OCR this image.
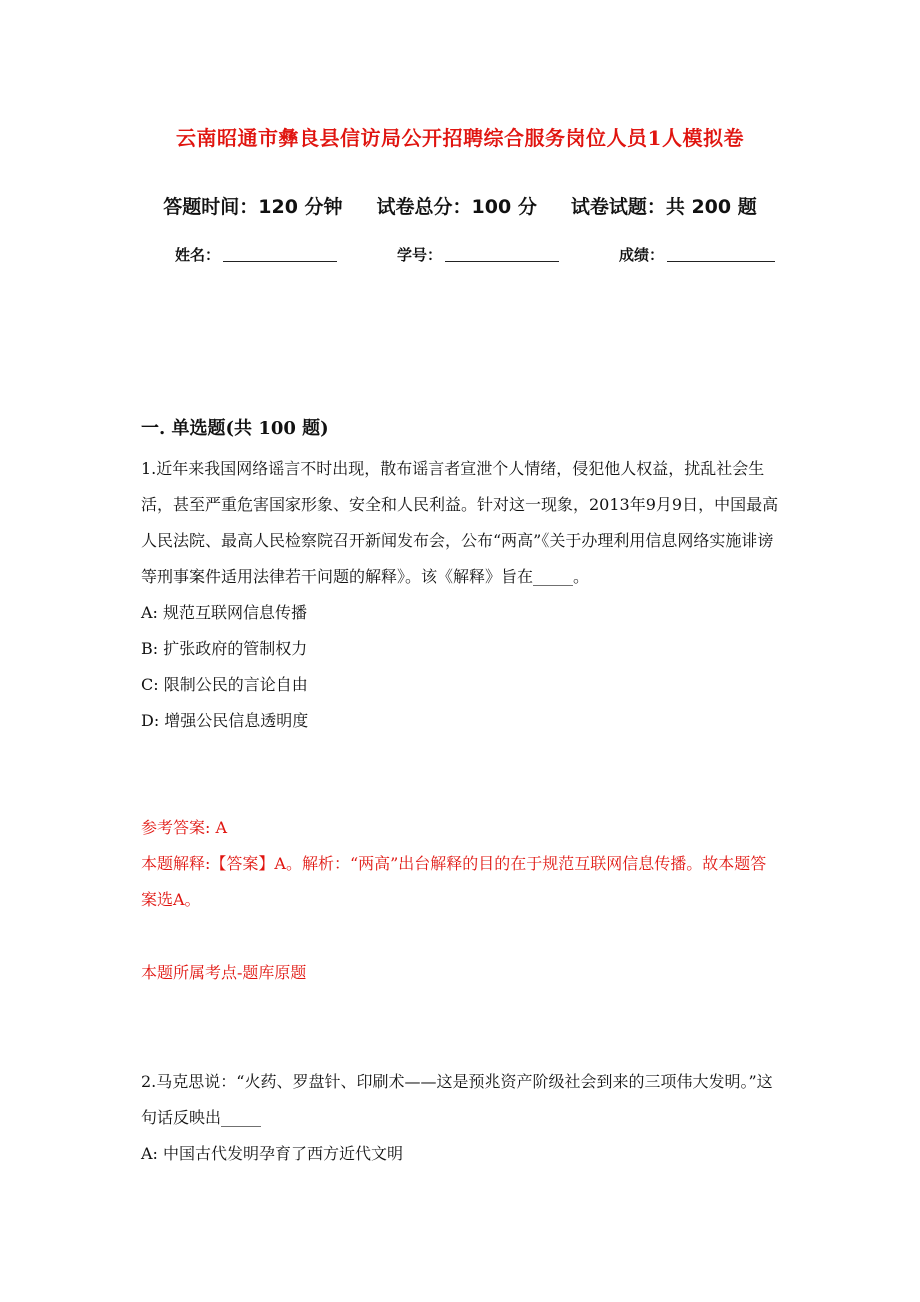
云南昭通市彝良县信访局公开招聘综合服务岗位人员1人模拟卷
答题时间：120 分钟 试卷总分：100 分 试卷试题：共 200 题
姓名：	学号：	成绩：
一. 单选题(共 100 题)

1.近年来我国网络谣言不时出现，散布谣言者宣泄个人情绪，侵犯他人权益，扰乱社会生活，甚至严重危害国家形象、安全和人民利益。针对这一现象，2013年9月9日，中国最高人民法院、最高人民检察院召开新闻发布会，公布“两高”《关于办理利用信息网络实施诽谤等刑事案件适用法律若干问题的解释》。该《解释》旨在_____。

A: 规范互联网信息传播

B: 扩张政府的管制权力

C: 限制公民的言论自由

D: 增强公民信息透明度

参考答案: A

本题解释:【答案】A。解析：“两高”出台解释的目的在于规范互联网信息传播。故本题答案选A。

本题所属考点-题库原题

2.马克思说：“火药、罗盘针、印刷术——这是预兆资产阶级社会到来的三项伟大发明。”这句话反映出_____

A: 中国古代发明孕育了西方近代文明
